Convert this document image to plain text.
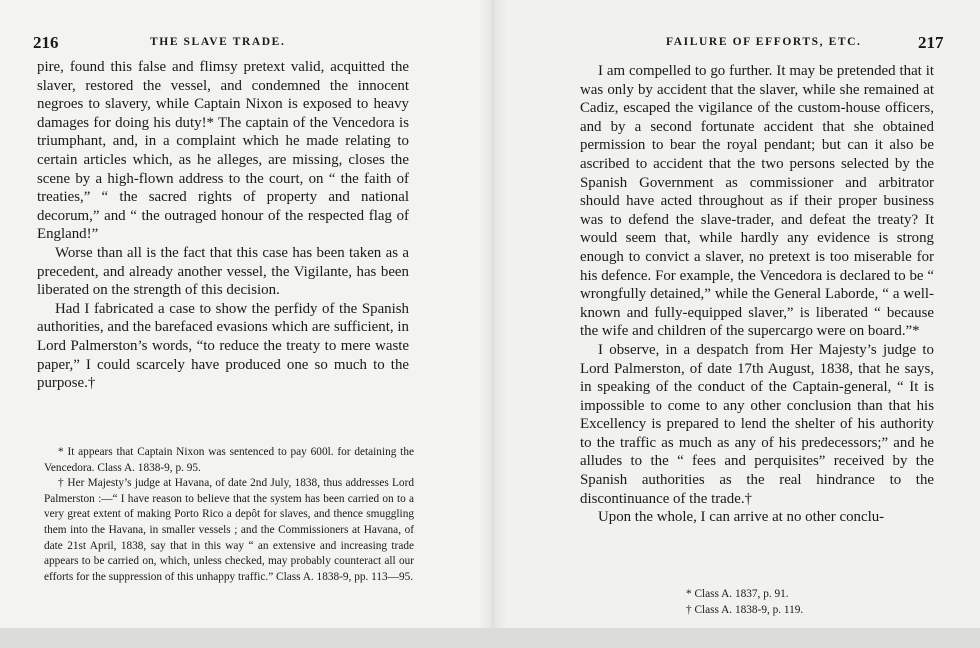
216	THE SLAVE TRADE.

pire, found this false and flimsy pretext valid, acquitted the slaver, restored the vessel, and condemned the innocent negroes to slavery, while Captain Nixon is exposed to heavy damages for doing his duty!* The captain of the Vencedora is triumphant, and, in a complaint which he made relating to certain articles which, as he alleges, are missing, closes the scene by a high-flown address to the court, on “ the faith of treaties,” “ the sacred rights of property and national decorum,” and “ the outraged honour of the respected flag of England!”

Worse than all is the fact that this case has been taken as a precedent, and already another vessel, the Vigilante, has been liberated on the strength of this decision.

Had I fabricated a case to show the perfidy of the Spanish authorities, and the barefaced evasions which are sufficient, in Lord Palmerston’s words, “to reduce the treaty to mere waste paper,” I could scarcely have produced one so much to the purpose.†

* It appears that Captain Nixon was sentenced to pay 600l. for detaining the Vencedora. Class A. 1838-9, p. 95.

† Her Majesty’s judge at Havana, of date 2nd July, 1838, thus addresses Lord Palmerston :—“ I have reason to believe that the system has been carried on to a very great extent of making Porto Rico a depôt for slaves, and thence smuggling them into the Havana, in smaller vessels ; and the Commissioners at Havana, of date 21st April, 1838, say that in this way “ an extensive and increasing trade appears to be carried on, which, unless checked, may probably counteract all our efforts for the suppression of this unhappy traffic.” Class A. 1838-9, pp. 113—95.

FAILURE OF EFFORTS, ETC.	217

I am compelled to go further. It may be pretended that it was only by accident that the slaver, while she remained at Cadiz, escaped the vigilance of the custom-house officers, and by a second fortunate accident that she obtained permission to bear the royal pendant; but can it also be ascribed to accident that the two persons selected by the Spanish Government as commissioner and arbitrator should have acted throughout as if their proper business was to defend the slave-trader, and defeat the treaty? It would seem that, while hardly any evidence is strong enough to convict a slaver, no pretext is too miserable for his defence. For example, the Vencedora is declared to be “ wrongfully detained,” while the General Laborde, “ a well-known and fully-equipped slaver,” is liberated “ because the wife and children of the supercargo were on board.”*

I observe, in a despatch from Her Majesty’s judge to Lord Palmerston, of date 17th August, 1838, that he says, in speaking of the conduct of the Captain-general, “ It is impossible to come to any other conclusion than that his Excellency is prepared to lend the shelter of his authority to the traffic as much as any of his predecessors;” and he alludes to the “ fees and perquisites” received by the Spanish authorities as the real hindrance to the discontinuance of the trade.†

Upon the whole, I can arrive at no other conclu-

* Class A. 1837, p. 91.

† Class A. 1838-9, p. 119.
